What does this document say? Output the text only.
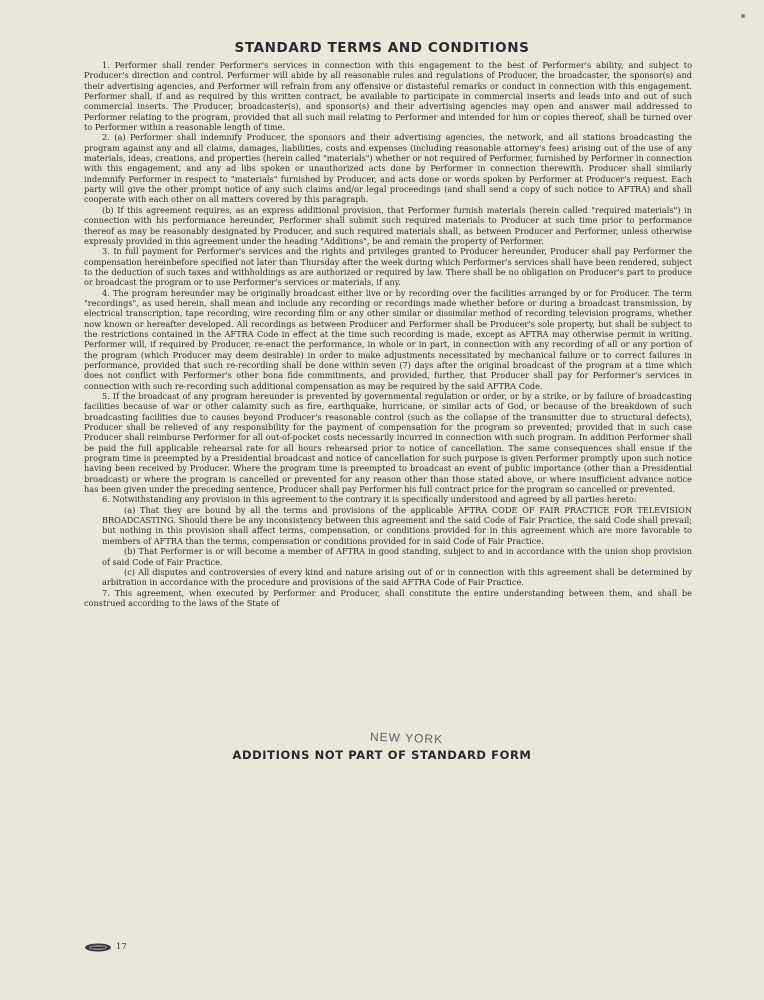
STANDARD TERMS AND CONDITIONS

1. Performer shall render Performer's services in connection with this engagement to the best of Performer's ability, and subject to Producer's direction and control. Performer will abide by all reasonable rules and regulations of Producer, the broadcaster, the sponsor(s) and their advertising agencies, and Performer will refrain from any offensive or distasteful remarks or conduct in connection with this engagement. Performer shall, if and as required by this written contract, be available to participate in commercial inserts and leads into and out of such commercial inserts. The Producer, broadcaster(s), and sponsor(s) and their advertising agencies may open and answer mail addressed to Performer relating to the program, provided that all such mail relating to Performer and intended for him or copies thereof, shall be turned over to Performer within a reasonable length of time.

2. (a) Performer shall indemnify Producer, the sponsors and their advertising agencies, the network, and all stations broadcasting the program against any and all claims, damages, liabilities, costs and expenses (including reasonable attorney's fees) arising out of the use of any materials, ideas, creations, and properties (herein called "materials") whether or not required of Performer, furnished by Performer in connection with this engagement, and any ad libs spoken or unauthorized acts done by Performer in connection therewith. Producer shall similarly indemnify Performer in respect to "materials" furnished by Producer, and acts done or words spoken by Performer at Producer's request. Each party will give the other prompt notice of any such claims and/or legal proceedings (and shall send a copy of such notice to AFTRA) and shall cooperate with each other on all matters covered by this paragraph.

(b) If this agreement requires, as an express additional provision, that Performer furnish materials (herein called "required materials") in connection with his performance hereunder, Performer shall submit such required materials to Producer at such time prior to performance thereof as may be reasonably designated by Producer, and such required materials shall, as between Producer and Performer, unless otherwise expressly provided in this agreement under the heading "Additions", be and remain the property of Performer.

3. In full payment for Performer's services and the rights and privileges granted to Producer hereunder, Producer shall pay Performer the compensation hereinbefore specified not later than Thursday after the week during which Performer's services shall have been rendered, subject to the deduction of such taxes and withholdings as are authorized or required by law. There shall be no obligation on Producer's part to produce or broadcast the program or to use Performer's services or materials, if any.

4. The program hereunder may be originally broadcast either live or by recording over the facilities arranged by or for Producer. The term "recordings", as used herein, shall mean and include any recording or recordings made whether before or during a broadcast transmission, by electrical transcription, tape recording, wire recording film or any other similar or dissimilar method of recording television programs, whether now known or hereafter developed. All recordings as between Producer and Performer shall be Producer's sole property, but shall be subject to the restrictions contained in the AFTRA Code in effect at the time such recording is made, except as AFTRA may otherwise permit in writing. Performer will, if required by Producer, re-enact the performance, in whole or in part, in connection with any recording of all or any portion of the program (which Producer may deem desirable) in order to make adjustments necessitated by mechanical failure or to correct failures in performance, provided that such re-recording shall be done within seven (7) days after the original broadcast of the program at a time which does not conflict with Performer's other bona fide commitments, and provided, further, that Producer shall pay for Performer's services in connection with such re-recording such additional compensation as may be required by the said AFTRA Code.

5. If the broadcast of any program hereunder is prevented by governmental regulation or order, or by a strike, or by failure of broadcasting facilities because of war or other calamity such as fire, earthquake, hurricane, or similar acts of God, or because of the breakdown of such broadcasting facilities due to causes beyond Producer's reasonable control (such as the collapse of the transmitter due to structural defects), Producer shall be relieved of any responsibility for the payment of compensation for the program so prevented; provided that in such case Producer shall reimburse Performer for all out-of-pocket costs necessarily incurred in connection with such program. In addition Performer shall be paid the full applicable rehearsal rate for all hours rehearsed prior to notice of cancellation. The same consequences shall ensue if the program time is preempted by a Presidential broadcast and notice of cancellation for such purpose is given Performer promptly upon such notice having been received by Producer. Where the program time is preempted to broadcast an event of public importance (other than a Presidential broadcast) or where the program is cancelled or prevented for any reason other than those stated above, or where insufficient advance notice has been given under the preceding sentence, Producer shall pay Performer his full contract price for the program so cancelled or prevented.

6. Notwithstanding any provision in this agreement to the contrary it is specifically understood and agreed by all parties hereto:

(a) That they are bound by all the terms and provisions of the applicable AFTRA CODE OF FAIR PRACTICE FOR TELEVISION BROADCASTING. Should there be any inconsistency between this agreement and the said Code of Fair Practice, the said Code shall prevail; but nothing in this provision shall affect terms, compensation, or conditions provided for in this agreement which are more favorable to members of AFTRA than the terms, compensation or conditions provided for in said Code of Fair Practice.

(b) That Performer is or will become a member of AFTRA in good standing, subject to and in accordance with the union shop provision of said Code of Fair Practice.

(c) All disputes and controversies of every kind and nature arising out of or in connection with this agreement shall be determined by arbitration in accordance with the procedure and provisions of the said AFTRA Code of Fair Practice.

7. This agreement, when executed by Performer and Producer, shall constitute the entire understanding between them, and shall be construed according to the laws of the State of

NEW YORK
ADDITIONS NOT PART OF STANDARD FORM
17
